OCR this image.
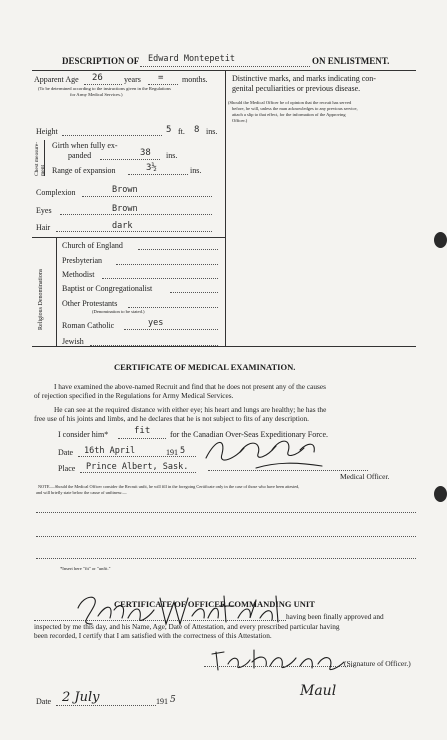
DESCRIPTION OF Edward Montepetit	ON ENLISTMENT.
Apparent Age 26	years = months.
(To be determined according to the instructions given in the Regulations
for Army Medical Services.)
Distinctive marks, and marks indicating con-
genital peculiarities or previous disease.
(Should the Medical Officer be of opinion that the recruit has served
before, he will, unless the man acknowledges to any previous service,
attach a slip to that effect, for the information of the Approving
Officer.)
Height	5 ft. 8 ins.
Chest measure- ment
Girth when fully ex-
panded	38 ins.
Range of expansion	3½	ins.
Complexion	Brown
Eyes	Brown
Hair	dark
Religious Denominations
Church of England
Presbyterian
Methodist
Baptist or Congregationalist
Other Protestants
(Denomination to be stated.)
Roman Catholic	yes
Jewish
CERTIFICATE OF MEDICAL EXAMINATION.
I have examined the above-named Recruit and find that he does not present any of the causes
of rejection specified in the Regulations for Army Medical Services.
He can see at the required distance with either eye; his heart and lungs are healthy; he has the
free use of his joints and limbs, and he declares that he is not subject to fits of any description.
I consider him*	fit for the Canadian Over-Seas Expeditionary Force.
Date 16th April	191 5
Place Prince Albert, Sask.
Medical Officer.
NOTE.—Should the Medical Officer consider the Recruit unfit, he will fill in the foregoing Certificate only in the case of those who have been attested,
and will briefly state below the cause of unfitness:—
*Insert here "fit" or "unfit."
CERTIFICATE OF OFFICER COMMANDING UNIT
having been finally approved and
inspected by me this day, and his Name, Age, Date of Attestation, and every prescribed particular having
been recorded, I certify that I am satisfied with the correctness of this Attestation.
(Signature of Officer.)
Date 2 July	191 5
Maul
